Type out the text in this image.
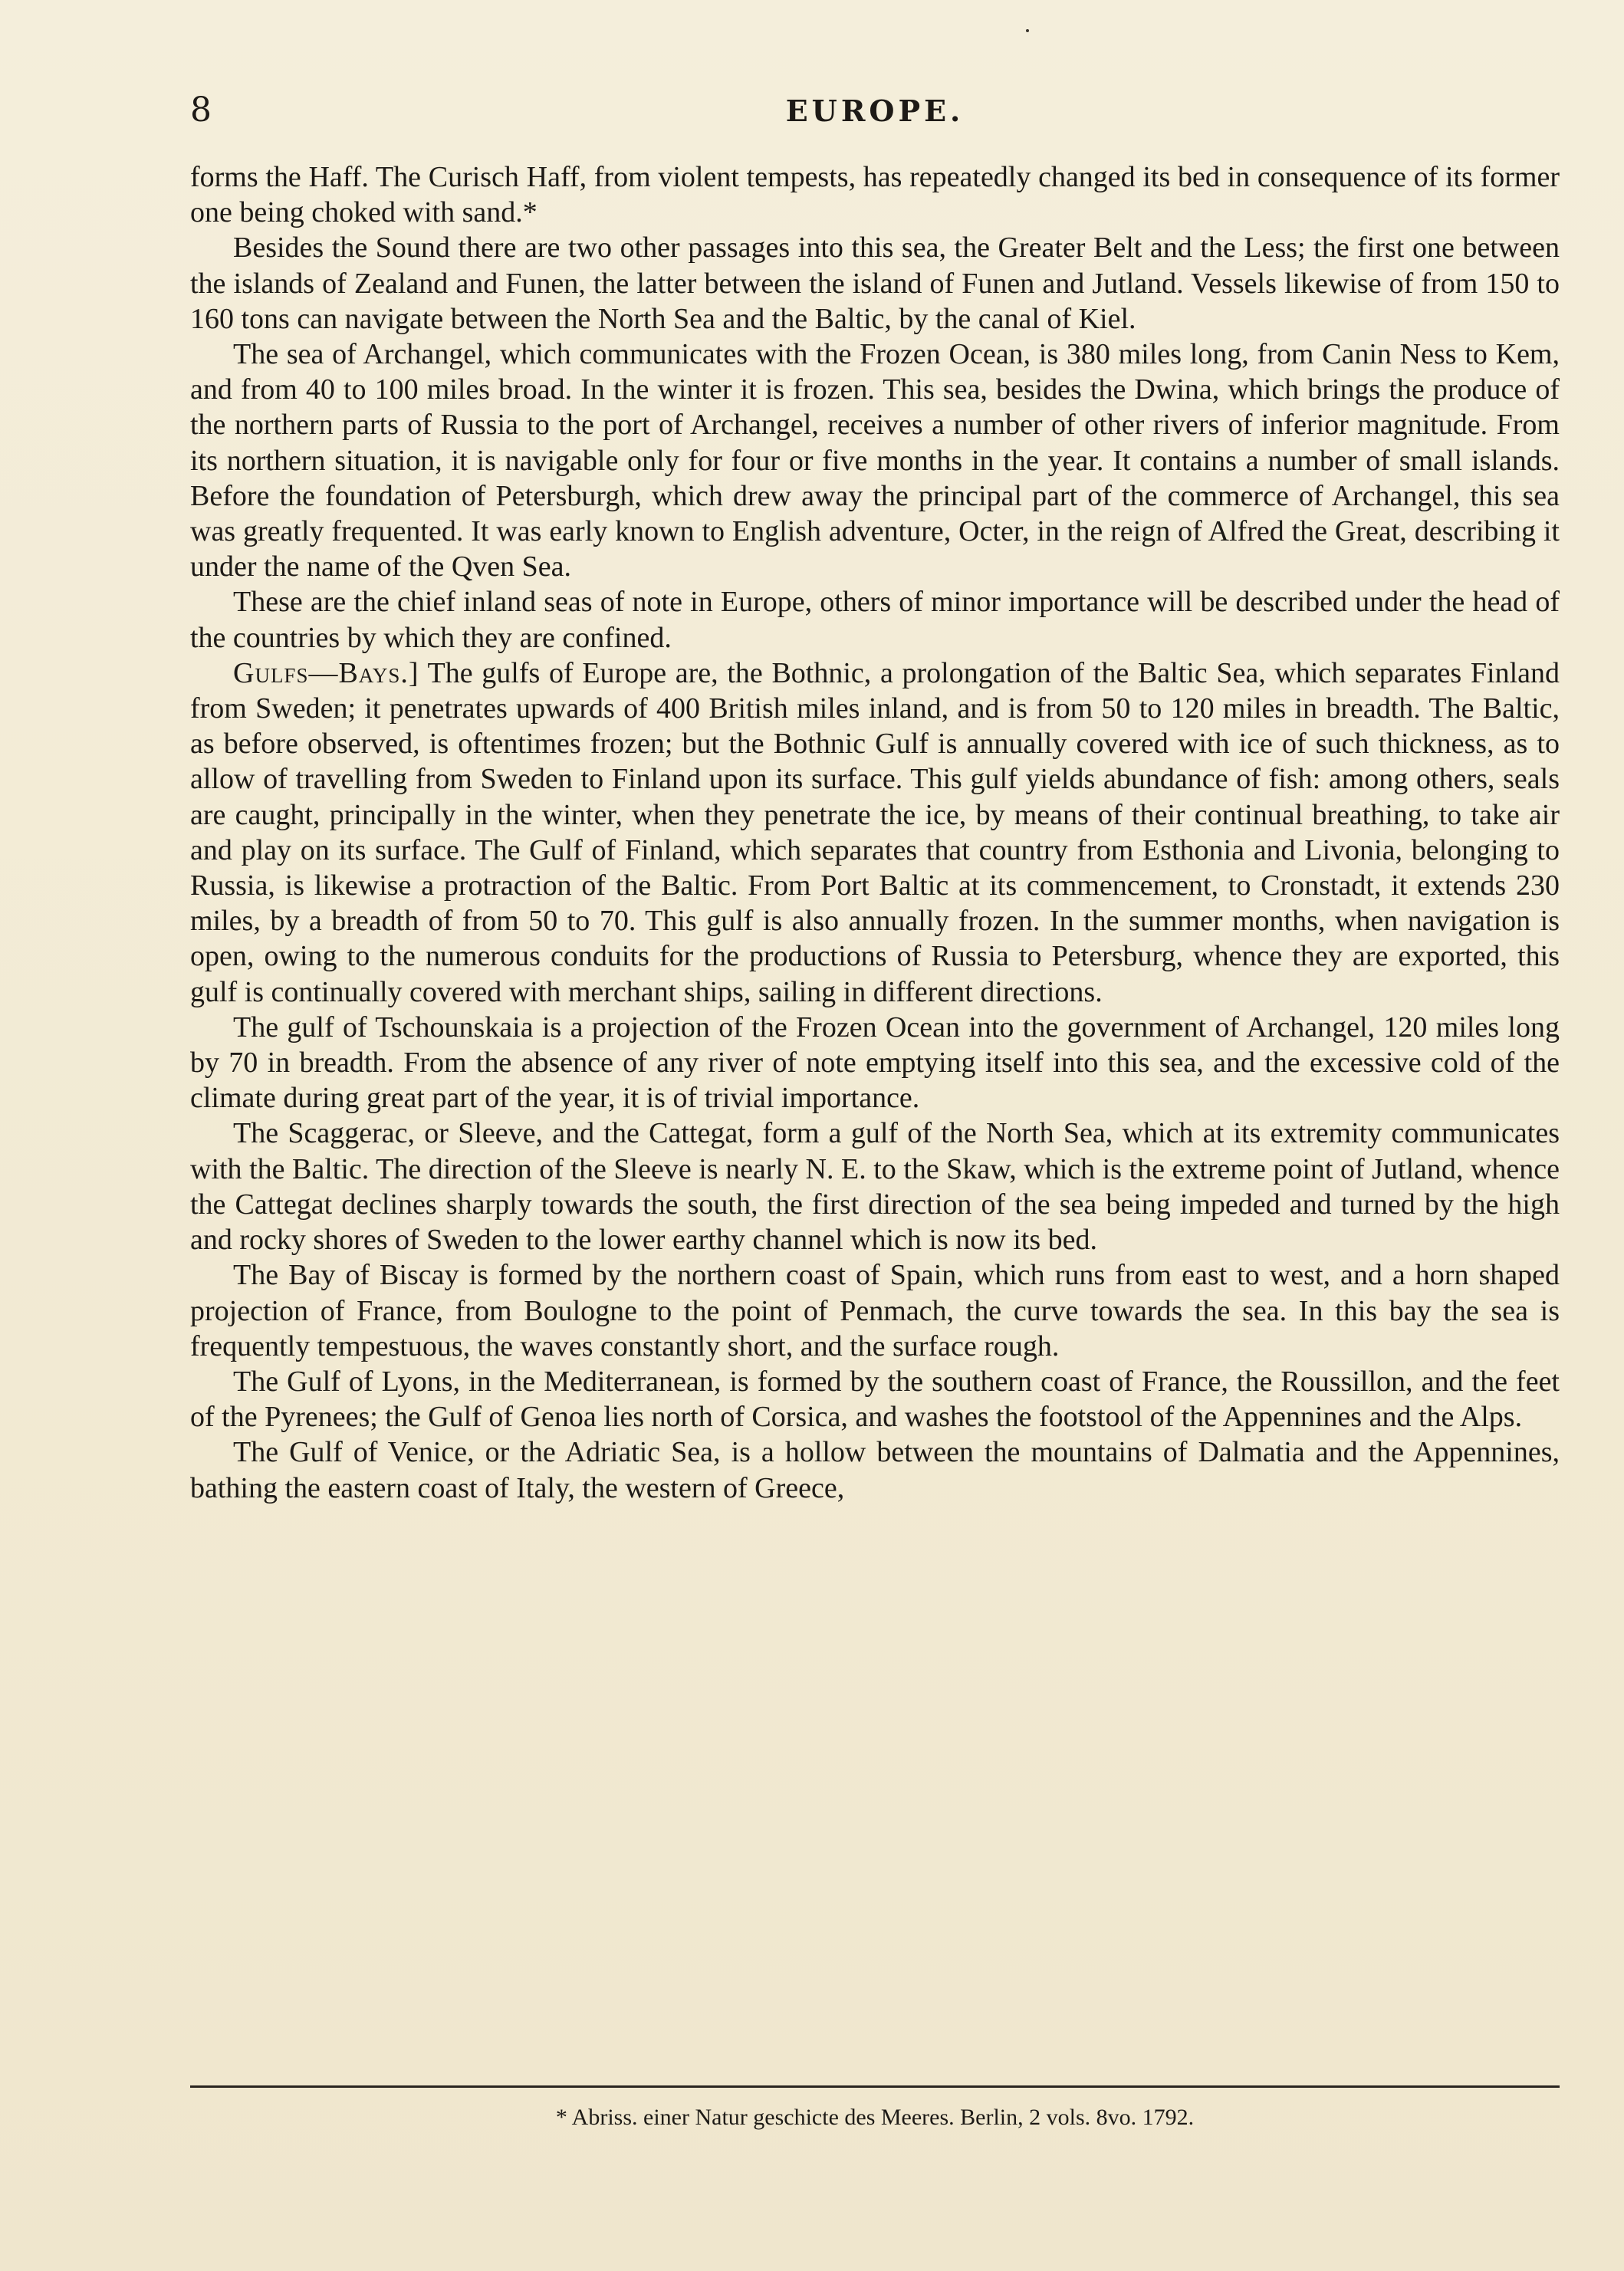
8	EUROPE.

forms the Haff. The Curisch Haff, from violent tempests, has repeatedly changed its bed in consequence of its former one being choked with sand.*

Besides the Sound there are two other passages into this sea, the Greater Belt and the Less; the first one between the islands of Zealand and Funen, the latter between the island of Funen and Jutland. Vessels likewise of from 150 to 160 tons can navigate between the North Sea and the Baltic, by the canal of Kiel.

The sea of Archangel, which communicates with the Frozen Ocean, is 380 miles long, from Canin Ness to Kem, and from 40 to 100 miles broad. In the winter it is frozen. This sea, besides the Dwina, which brings the produce of the northern parts of Russia to the port of Archangel, receives a number of other rivers of inferior magnitude. From its northern situation, it is navigable only for four or five months in the year. It contains a number of small islands. Before the foundation of Petersburgh, which drew away the principal part of the commerce of Archangel, this sea was greatly frequented. It was early known to English adventure, Octer, in the reign of Alfred the Great, describing it under the name of the Qven Sea.

These are the chief inland seas of note in Europe, others of minor importance will be described under the head of the countries by which they are confined.

Gulfs—Bays.] The gulfs of Europe are, the Bothnic, a prolongation of the Baltic Sea, which separates Finland from Sweden; it penetrates upwards of 400 British miles inland, and is from 50 to 120 miles in breadth. The Baltic, as before observed, is oftentimes frozen; but the Bothnic Gulf is annually covered with ice of such thickness, as to allow of travelling from Sweden to Finland upon its surface. This gulf yields abundance of fish: among others, seals are caught, principally in the winter, when they penetrate the ice, by means of their continual breathing, to take air and play on its surface. The Gulf of Finland, which separates that country from Esthonia and Livonia, belonging to Russia, is likewise a protraction of the Baltic. From Port Baltic at its commencement, to Cronstadt, it extends 230 miles, by a breadth of from 50 to 70. This gulf is also annually frozen. In the summer months, when navigation is open, owing to the numerous conduits for the productions of Russia to Petersburg, whence they are exported, this gulf is continually covered with merchant ships, sailing in different directions.

The gulf of Tschounskaia is a projection of the Frozen Ocean into the government of Archangel, 120 miles long by 70 in breadth. From the absence of any river of note emptying itself into this sea, and the excessive cold of the climate during great part of the year, it is of trivial importance.

The Scaggerac, or Sleeve, and the Cattegat, form a gulf of the North Sea, which at its extremity communicates with the Baltic. The direction of the Sleeve is nearly N. E. to the Skaw, which is the extreme point of Jutland, whence the Cattegat declines sharply towards the south, the first direction of the sea being impeded and turned by the high and rocky shores of Sweden to the lower earthy channel which is now its bed.

The Bay of Biscay is formed by the northern coast of Spain, which runs from east to west, and a horn shaped projection of France, from Boulogne to the point of Penmach, the curve towards the sea. In this bay the sea is frequently tempestuous, the waves constantly short, and the surface rough.

The Gulf of Lyons, in the Mediterranean, is formed by the southern coast of France, the Roussillon, and the feet of the Pyrenees; the Gulf of Genoa lies north of Corsica, and washes the footstool of the Appennines and the Alps.

The Gulf of Venice, or the Adriatic Sea, is a hollow between the mountains of Dalmatia and the Appennines, bathing the eastern coast of Italy, the western of Greece,

* Abriss. einer Natur geschicte des Meeres. Berlin, 2 vols. 8vo. 1792.
